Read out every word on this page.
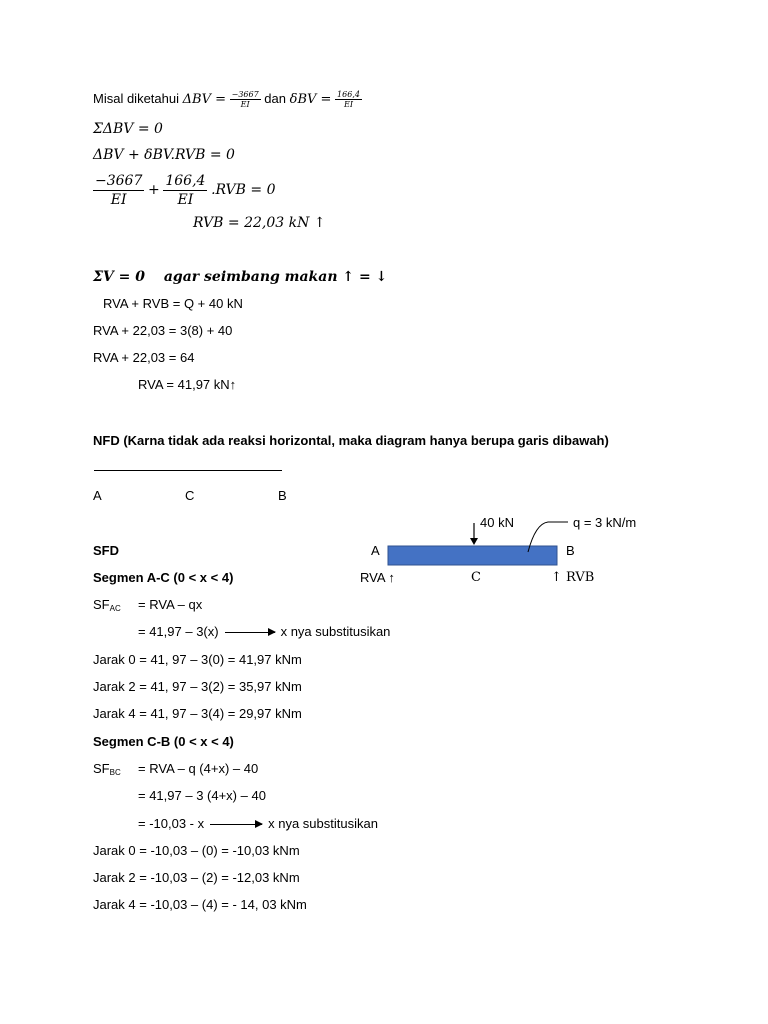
Misal diketahui $\Delta BV = \frac{-3667}{EI}$ dan $\delta BV = \frac{166,4}{EI}$
ΣΔBV = 0
ΔBV + δBV.RVB = 0
$\frac{-3667}{EI} + \frac{166,4}{EI} .RVB = 0$
RVB = 22,03 kN ↑
ΣV = 0 agar seimbang makan ↑ = ↓
RVA + RVB = Q + 40 kN
RVA + 22,03 = 3(8) + 40
RVA + 22,03 = 64
RVA = 41,97 kN↑
NFD (Karna tidak ada reaksi horizontal, maka diagram hanya berupa garis dibawah)
A	C	B
40 kN	q = 3 kN/m
A	B
RVA ↑	C	↑ RVB
SFD
Segmen A-C (0 < x < 4)
$SF_{AC}$ = RVA – qx
= 41,97 – 3(x)	x nya substitusikan
Jarak 0 = 41, 97 – 3(0) = 41,97 kNm
Jarak 2 = 41, 97 – 3(2) = 35,97 kNm
Jarak 4 = 41, 97 – 3(4) = 29,97 kNm
Segmen C-B (0 < x < 4)
$SF_{BC}$ = RVA – q (4+x) – 40
= 41,97 – 3 (4+x) – 40
= -10,03 - x	x nya substitusikan
Jarak 0 = -10,03 – (0) = -10,03 kNm
Jarak 2 = -10,03 – (2) = -12,03 kNm
Jarak 4 = -10,03 – (4) = - 14, 03 kNm
